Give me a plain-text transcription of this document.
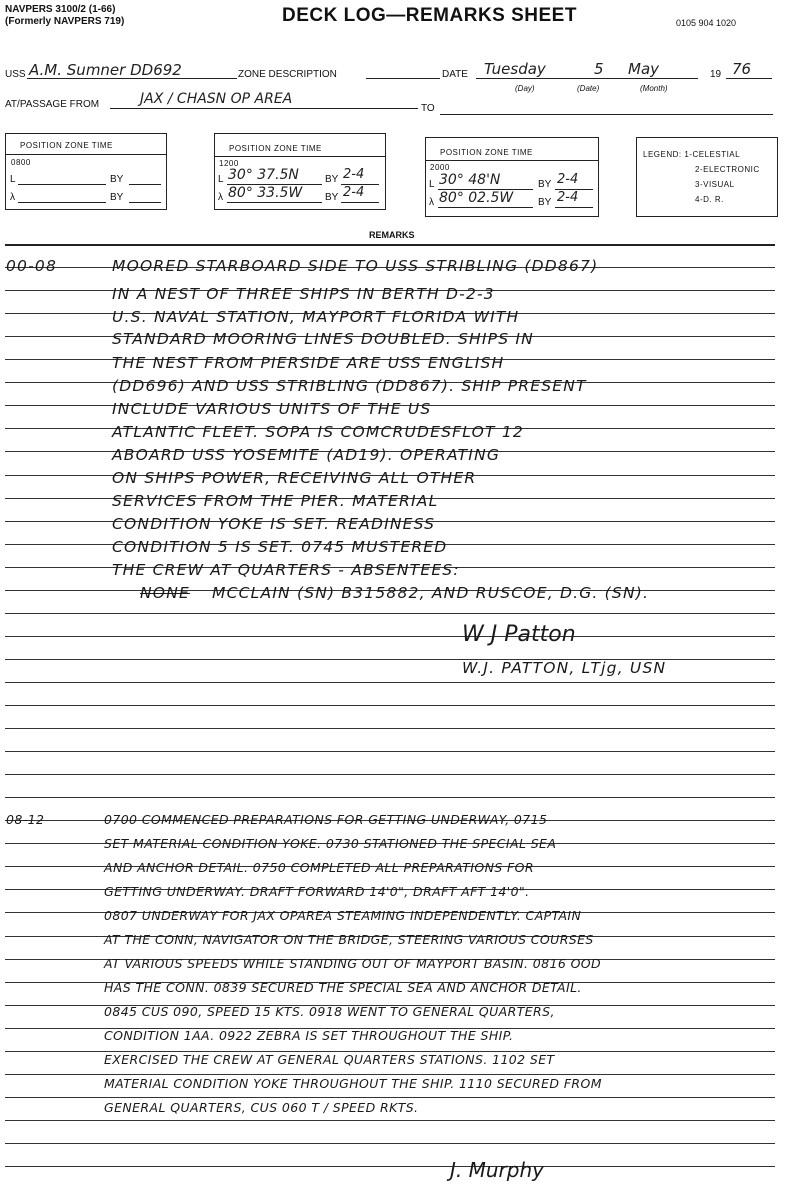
NAVPERS 3100/2 (1-66)
(Formerly NAVPERS 719)	DECK LOG—REMARKS SHEET	0105 904 1020
USS A.M. Sumner DD692	ZONE DESCRIPTION	DATE Tuesday	5 May	19 76
(Day)	(Date)	(Month)
AT/PASSAGE FROM	JAX / CHASN OP AREA
TO
POSITION ZONE TIME
0800
L	BY
λ	BY
POSITION ZONE TIME
1200
L 30° 37.5N	BY 2-4
λ 80° 33.5W BY 2-4
POSITION ZONE TIME
2000
L 30° 48'N	BY 2-4
λ 80° 02.5W BY 2-4
LEGEND: 1-CELESTIAL
2-ELECTRONIC
3-VISUAL
4-D. R.
REMARKS
00-08	MOORED STARBOARD SIDE TO USS STRIBLING (DD867)
IN A NEST OF THREE SHIPS IN BERTH D-2-3
U.S. NAVAL STATION, MAYPORT FLORIDA WITH
STANDARD MOORING LINES DOUBLED. SHIPS IN
THE NEST FROM PIERSIDE ARE USS ENGLISH
(DD696) AND USS STRIBLING (DD867). SHIP PRESENT
INCLUDE VARIOUS UNITS OF THE US
ATLANTIC FLEET. SOPA IS COMCRUDESFLOT 12
ABOARD USS YOSEMITE (AD19). OPERATING
ON SHIPS POWER, RECEIVING ALL OTHER
SERVICES FROM THE PIER. MATERIAL
CONDITION YOKE IS SET. READINESS
CONDITION 5 IS SET. 0745 MUSTERED
THE CREW AT QUARTERS - ABSENTEES:
NONE MCCLAIN (SN) B315882, AND RUSCOE, D.G. (SN).
W J Patton
W.J. PATTON, LTjg, USN
08-12	0700 COMMENCED PREPARATIONS FOR GETTING UNDERWAY, 0715
SET MATERIAL CONDITION YOKE. 0730 STATIONED THE SPECIAL SEA
AND ANCHOR DETAIL. 0750 COMPLETED ALL PREPARATIONS FOR
GETTING UNDERWAY. DRAFT FORWARD 14'0", DRAFT AFT 14'0".
0807 UNDERWAY FOR JAX OPAREA STEAMING INDEPENDENTLY. CAPTAIN
AT THE CONN, NAVIGATOR ON THE BRIDGE, STEERING VARIOUS COURSES
AT VARIOUS SPEEDS WHILE STANDING OUT OF MAYPORT BASIN. 0816 OOD
HAS THE CONN. 0839 SECURED THE SPECIAL SEA AND ANCHOR DETAIL.
0845 CUS 090, SPEED 15 KTS. 0918 WENT TO GENERAL QUARTERS,
CONDITION 1AA. 0922 ZEBRA IS SET THROUGHOUT THE SHIP.
EXERCISED THE CREW AT GENERAL QUARTERS STATIONS. 1102 SET
MATERIAL CONDITION YOKE THROUGHOUT THE SHIP. 1110 SECURED FROM
GENERAL QUARTERS, CUS 060 T / SPEED RKTS.
J. Murphy
